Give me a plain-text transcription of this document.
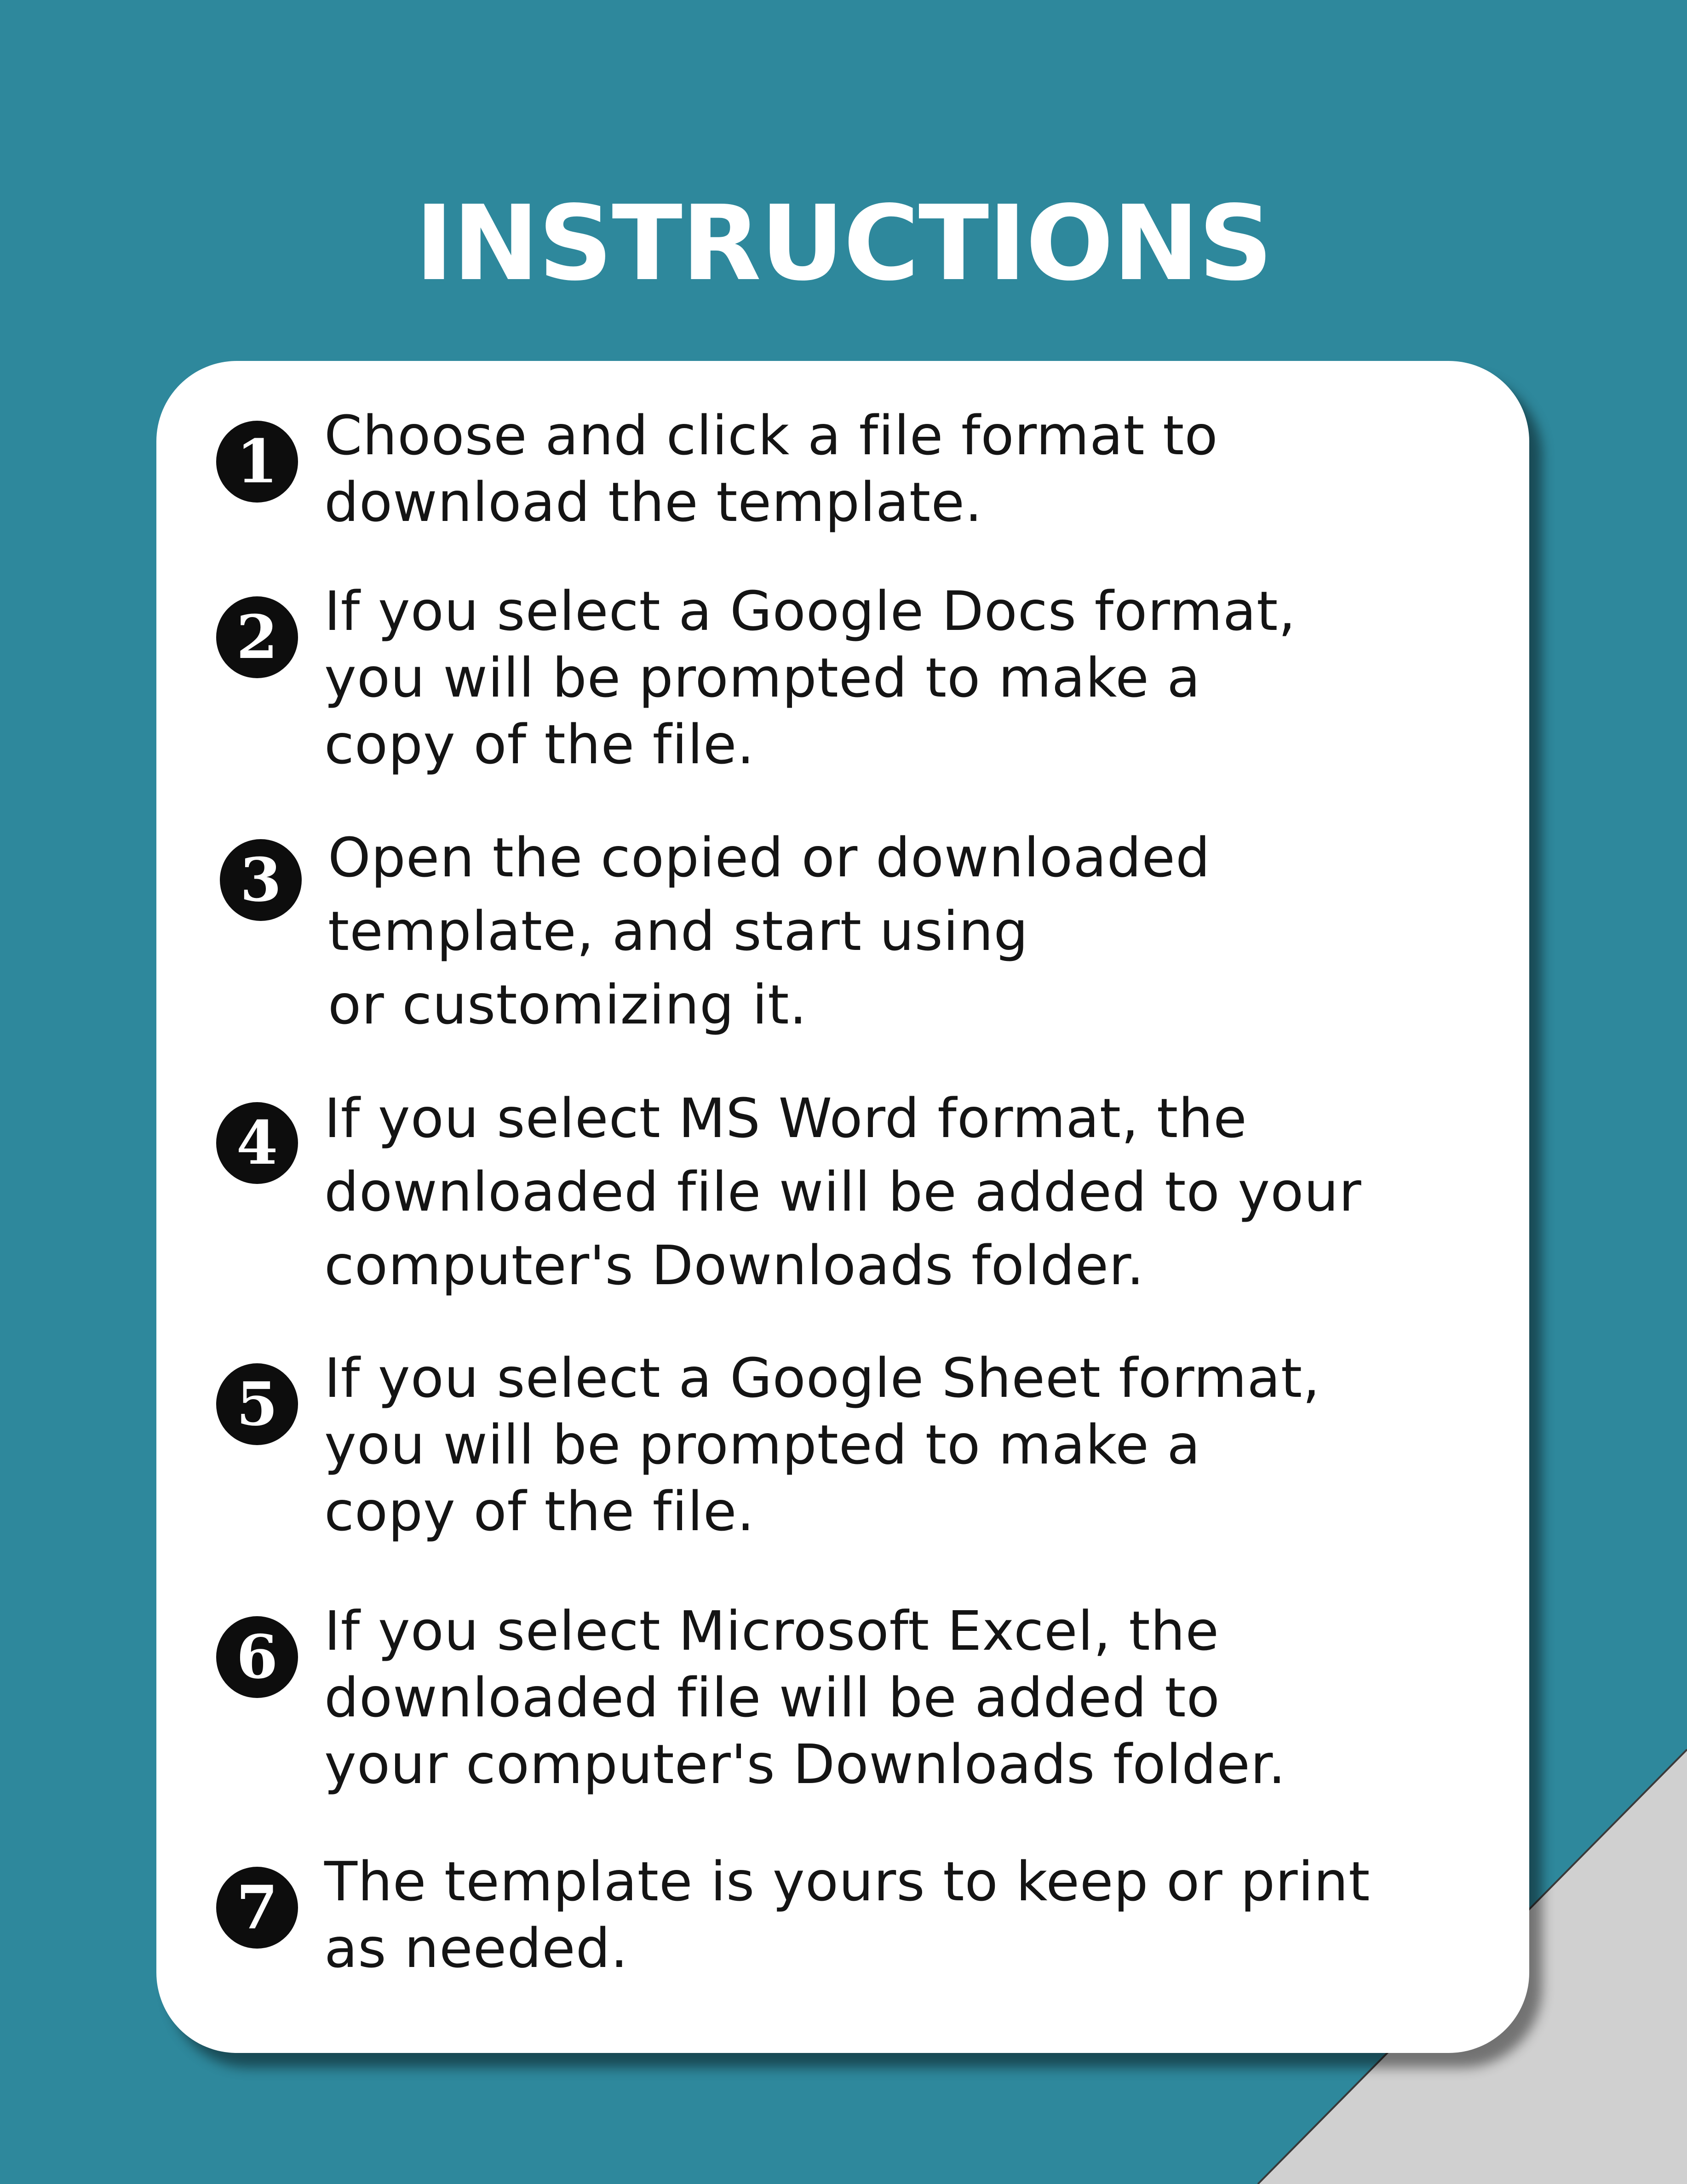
INSTRUCTIONS
1 Choose and click a file format to
download the template.
2 If you select a Google Docs format,
you will be prompted to make a
copy of the file.
3 Open the copied or downloaded
template, and start using
or customizing it.
4 If you select MS Word format, the
downloaded file will be added to your
computer's Downloads folder.
5 If you select a Google Sheet format,
you will be prompted to make a
copy of the file.
6 If you select Microsoft Excel, the
downloaded file will be added to
your computer's Downloads folder.
7 The template is yours to keep or print
as needed.
